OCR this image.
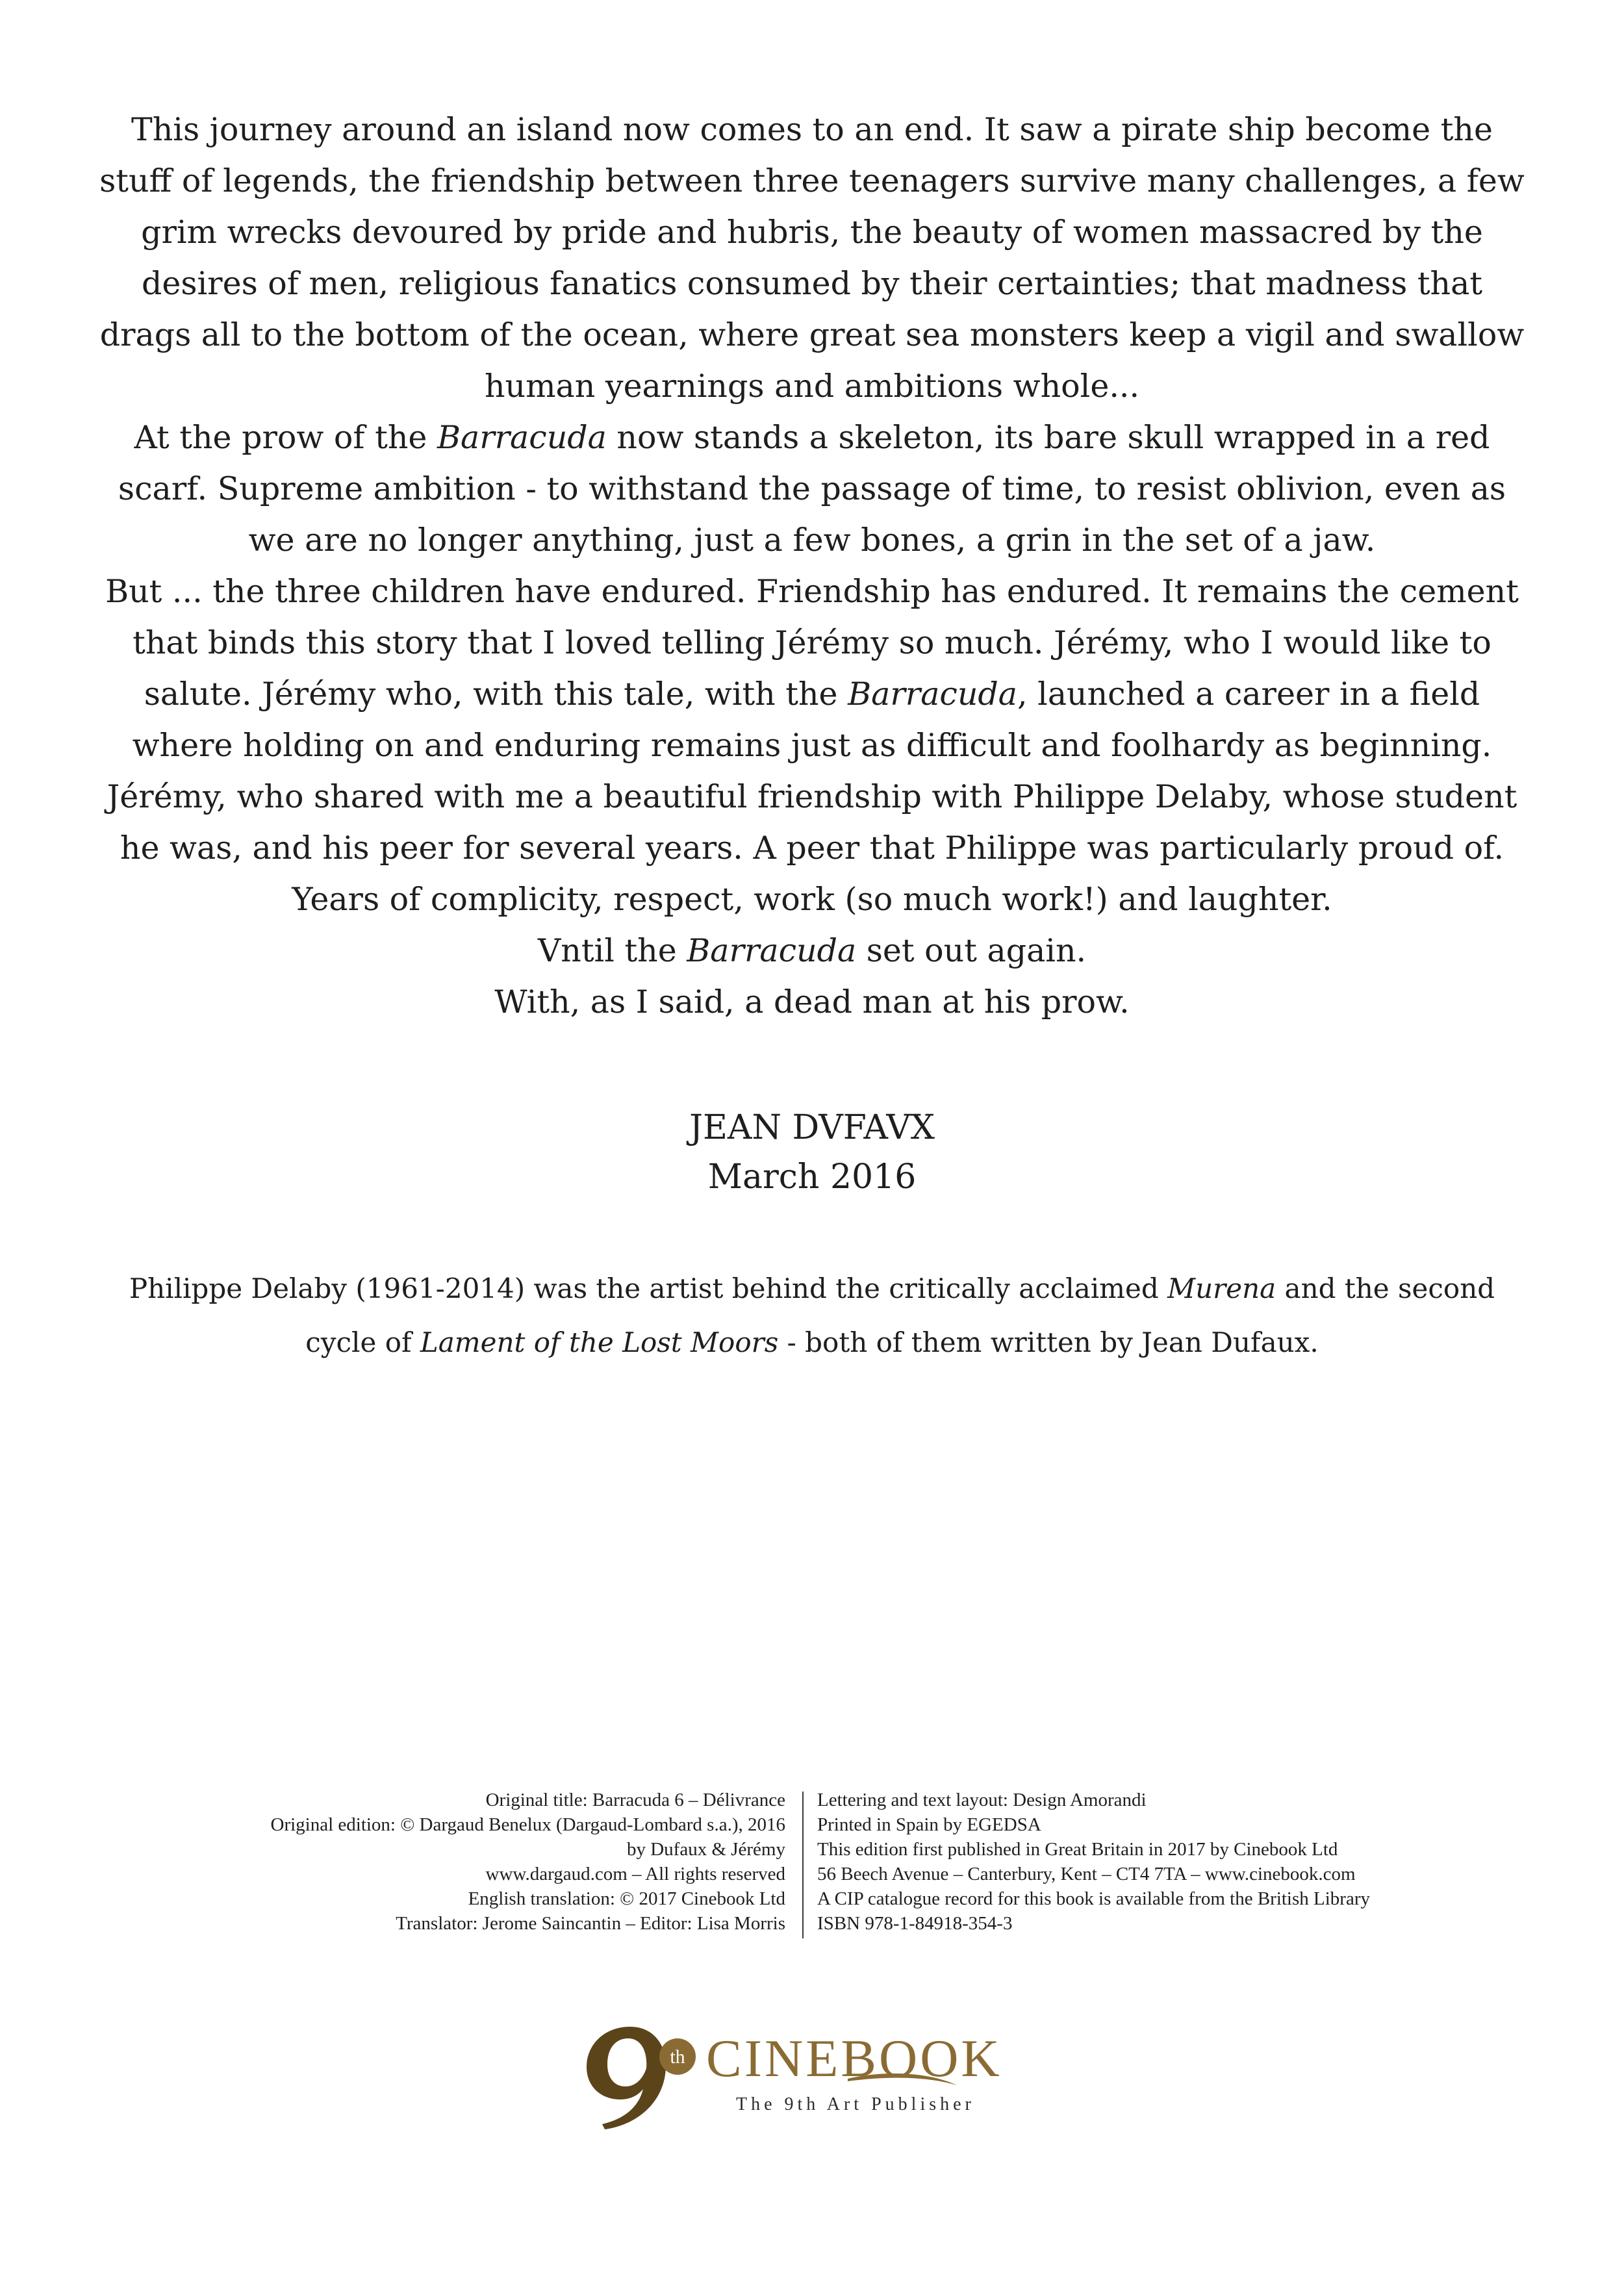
This journey around an island now comes to an end. It saw a pirate ship become the stuff of legends, the friendship between three teenagers survive many challenges, a few grim wrecks devoured by pride and hubris, the beauty of women massacred by the desires of men, religious fanatics consumed by their certainties; that madness that drags all to the bottom of the ocean, where great sea monsters keep a vigil and swallow human yearnings and ambitions whole...

At the prow of the Barracuda now stands a skeleton, its bare skull wrapped in a red scarf. Supreme ambition - to withstand the passage of time, to resist oblivion, even as we are no longer anything, just a few bones, a grin in the set of a jaw.

But ... the three children have endured. Friendship has endured. It remains the cement that binds this story that I loved telling Jérémy so much. Jérémy, who I would like to salute. Jérémy who, with this tale, with the Barracuda, launched a career in a field where holding on and enduring remains just as difficult and foolhardy as beginning. Jérémy, who shared with me a beautiful friendship with Philippe Delaby, whose student he was, and his peer for several years. A peer that Philippe was particularly proud of.

Years of complicity, respect, work (so much work!) and laughter.

Vntil the Barracuda set out again.

With, as I said, a dead man at his prow.

JEAN DVFAVX
March 2016

Philippe Delaby (1961-2014) was the artist behind the critically acclaimed Murena and the second cycle of Lament of the Lost Moors - both of them written by Jean Dufaux.

Original title: Barracuda 6 – Délivrance
Original edition: © Dargaud Benelux (Dargaud-Lombard s.a.), 2016
by Dufaux & Jérémy
www.dargaud.com – All rights reserved
English translation: © 2017 Cinebook Ltd
Translator: Jerome Saincantin – Editor: Lisa Morris
Lettering and text layout: Design Amorandi
Printed in Spain by EGEDSA
This edition first published in Great Britain in 2017 by Cinebook Ltd
56 Beech Avenue – Canterbury, Kent – CT4 7TA – www.cinebook.com
A CIP catalogue record for this book is available from the British Library
ISBN 978-1-84918-354-3
th CINEBOOK
The 9th Art Publisher
